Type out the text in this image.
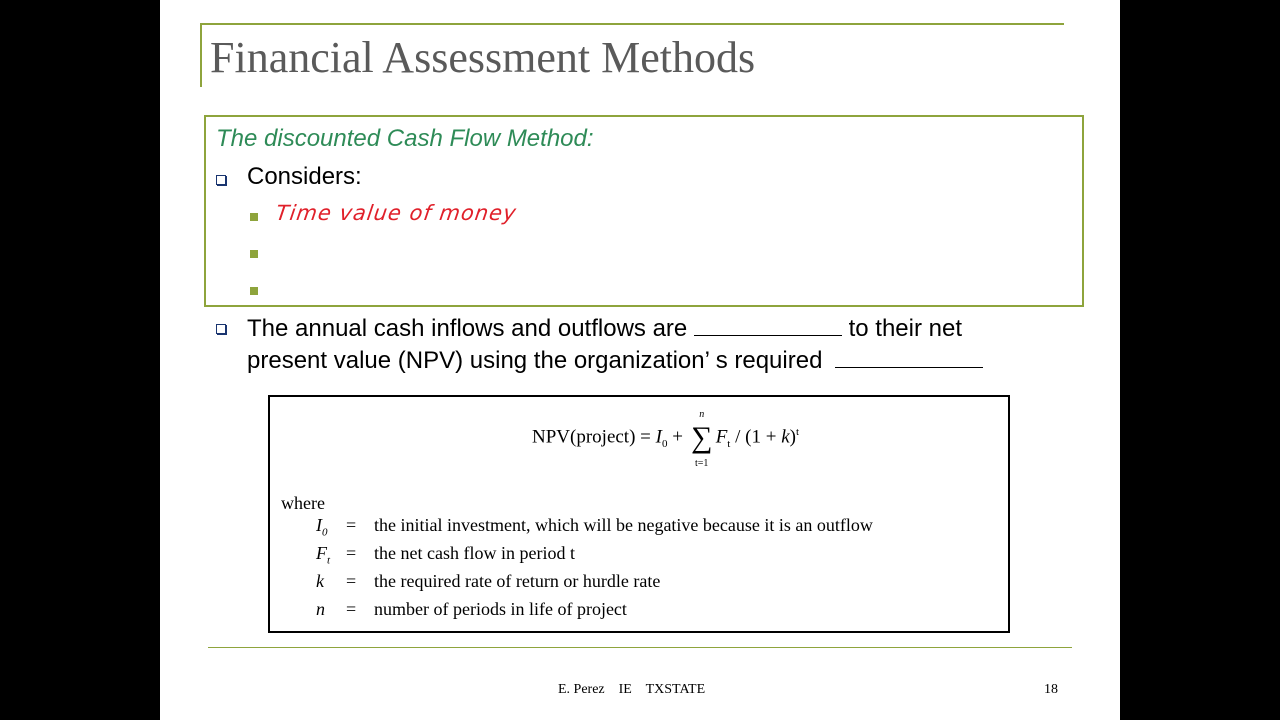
Financial Assessment Methods
The discounted Cash Flow Method:
Considers:
Time value of money
The annual cash inflows and outflows are	to their net
present value (NPV) using the organization’ s required
NPV(project) = $I_0$ +
n
∑
t=1
$F_t / (1 + k)^t$
where
$I_0$	= the initial investment, which will be negative because it is an outflow
$F_t$ = the net cash flow in period t
k	= the required rate of return or hurdle rate
n	= number of periods in life of project
E. Perez    IE    TXSTATE	18
